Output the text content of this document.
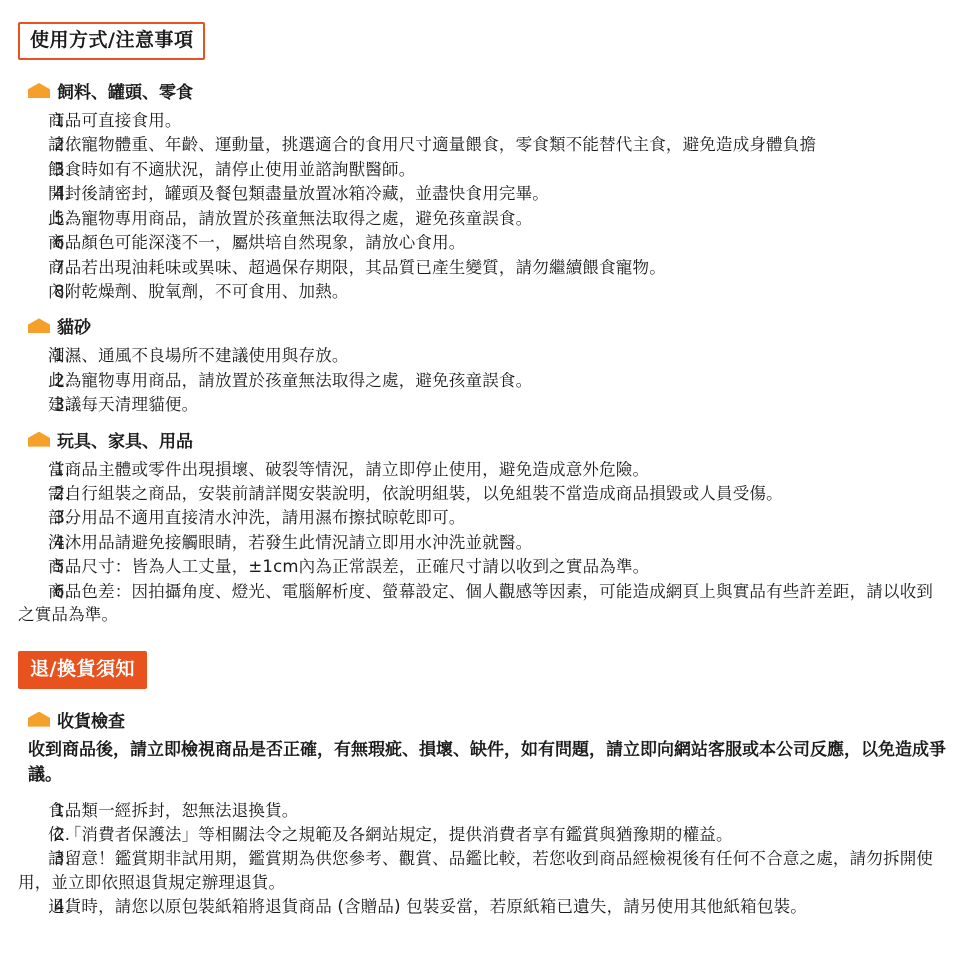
使用方式/注意事項
飼料、罐頭、零食
商品可直接食用。
請依寵物體重、年齡、運動量，挑選適合的食用尺寸適量餵食，零食類不能替代主食，避免造成身體負擔
餵食時如有不適狀況，請停止使用並諮詢獸醫師。
開封後請密封，罐頭及餐包類盡量放置冰箱冷藏，並盡快食用完畢。
此為寵物專用商品，請放置於孩童無法取得之處，避免孩童誤食。
商品顏色可能深淺不一，屬烘培自然現象，請放心食用。
商品若出現油耗味或異味、超過保存期限，其品質已產生變質，請勿繼續餵食寵物。
內附乾燥劑、脫氧劑，不可食用、加熱。
貓砂
潮濕、通風不良場所不建議使用與存放。
此為寵物專用商品，請放置於孩童無法取得之處，避免孩童誤食。
建議每天清理貓便。
玩具、家具、用品
當商品主體或零件出現損壞、破裂等情況，請立即停止使用，避免造成意外危險。
需自行組裝之商品，安裝前請詳閱安裝說明，依說明組裝，以免組裝不當造成商品損毀或人員受傷。
部分用品不適用直接清水沖洗，請用濕布擦拭晾乾即可。
洗沐用品請避免接觸眼睛，若發生此情況請立即用水沖洗並就醫。
商品尺寸：皆為人工丈量，±1cm內為正常誤差，正確尺寸請以收到之實品為準。
商品色差：因拍攝角度、燈光、電腦解析度、螢幕設定、個人觀感等因素，可能造成網頁上與實品有些許差距，請以收到之實品為準。
退/換貨須知
收貨檢查
收到商品後，請立即檢視商品是否正確，有無瑕疵、損壞、缺件，如有問題，請立即向網站客服或本公司反應，以免造成爭議。
食品類一經拆封，恕無法退換貨。
依「消費者保護法」等相關法令之規範及各網站規定，提供消費者享有鑑賞與猶豫期的權益。
請留意！鑑賞期非試用期，鑑賞期為供您參考、觀賞、品鑑比較，若您收到商品經檢視後有任何不合意之處，請勿拆開使用，並立即依照退貨規定辦理退貨。
退貨時，請您以原包裝紙箱將退貨商品 (含贈品) 包裝妥當，若原紙箱已遺失，請另使用其他紙箱包裝。
